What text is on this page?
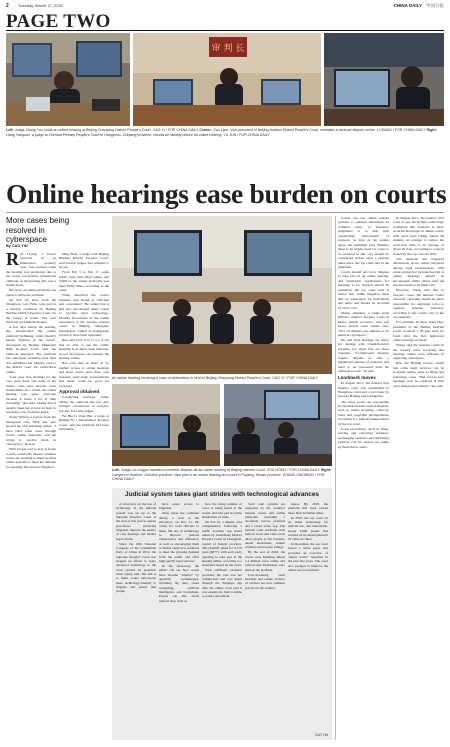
2 Tuesday, March 17, 2020	CHINA DAILY 中国日报
PAGE TWO
审 判 长
Left: Judge Zhang Yun holds an online hearing at Beijing Chaoyang District People's Court. CAO YI / FOR CHINA DAILY Center: Guo Lijun, vice-president of Beijing Haidian District People's Court, mediates a contract dispute online. LI XIANG / FOR CHINA DAILY Right: Liang Yanquan, a judge at Zhenhai Primary People's Court in Hangzhou, Zhejiang province, checks an identity before an online hearing. YU JUN / FOR CHINA DAILY
Online hearings ease burden on courts
More cases being resolved in cyberspace
By CAO YIN

Ren Liying, a lawyer involved in an intellectual property case, was worried when the hearing was postponed due to the novel coronavirus pneumonia outbreak, as the hearing date was a month away.

However, an online platform was quick to solve the problem.

On Feb 20, Ren, from the Zhongwen Law Firm, took part in a hearing organized by Beijing Haidian District People's Court via her laptop at home. The case involved a trademark dispute.

A few days before the hearing, she downloaded the online platform WeiSheng, which literally means "hearing in the cloud", developed by Beijing Municipal High People's Court after the outbreak emerged. The platform has undergone technical tests. Ren also submitted her identity card to the district court for verification online.

"Last year, five hearings for the case were held, and none of the earlier ones had already been rescheduled. As a result, the online hearing was quite welcome because it saves a lot of time travelling," she said, adding that it usually takes her at least an hour to reach the court from her home.

Wang Weiwei, a lawyer from the Zhengwen Law Firm, has also moved his case handling online. "I have filed some cases through courts' online platforms, and am trying to resolve them in cyberspace," he said.

With people told to stay at home to help contain the disease, Chinese courts are working to improve their online systems to meet the demand for hearings that involve litigation.

Ding Yuan, a judge with Beijing Haidian District People's Court, said several judges had adapted to its use.

From Feb 3 to Feb 17, some 6,812 cases were filed online, and 3,069 of the online platforms was used 6,869 times, according to the court.

Wang described the court's business case model as "efficient and convenient". He added that it had also encouraged many courts to become more technology-friendly. Procedures for the online experience at the nation's busiest courts in Beijing, Shanghai, Guangzhou, capital of Guangdong province, have been upgraded.

Ren said he'd love to try it out and be able to use the online hearings to do more work remotely, as not all lawyers can manage the hearing online.

Ren said that as there is no unified access to online hearings and most courts have their own systems, early-stage developments like these could be good for everyone.

Approval obtained

Conducting hearings online during the outbreak has not only brought convenience to lawyers, but also for some judges.

Fei Bin Li Zuze Bin, a judge at Beijing No 1 Intermediate People's Court, said the platform had been invaluable.

An online hearing involving a case of defamation is held at Beijing Chaoyang District People's Court. CAO YI / FOR CHINA DAILY
Left: Judge Liu Lingjun handles a contract dispute via an online hearing at Beijing Internet Court. ZOU HONG / FOR CHINA DAILY Right: Lawyers in Bozhou, Guizhou province, take part in an online hearing at a court in Puyang, Henan province. ZHANG XIAOBING / FOR CHINA DAILY
Judicial system takes giant strides with technological advances

A laboratory on the use of technology in the judicial system was set up at the Supreme People's Court at the start of this year to update procedures involving litigation, improve the quality of case hearings and further legal reform.

Since the 18th National Congress of the Communist Party of China in 2012, the Supreme People's Court has stepped up efforts to apply advanced technology to the court system, its president Zhou Qiang said. The aim is to make courts nationwide more technology-friendly to litigants and ensure that people

have easier access to litigation.

Zhou made the comment during a visit to the laboratory on Dec 31. He called for court officials to make full use of technology to improve judicial transparency and efficiency, as well as encouraging them to further study new solutions to meet the growing demand from the public and offer high-quality legal services.

In the laboratory, the public can see how courts have become "smarter" by applying technologies, including big data, cloud computing, artificial intelligence and blockchain. People can also check judicial data, such as

how the rising number of cases is being heard at the courts, and take part in online simulations of trials.

On Feb 16, a dispute over compensation following a traffic accident was heard online by Guancheng District People's Court in Dongguan, capital of Jiangxi province. The plaintiff asked for 6,170 yuan ($877), with each party agreeing to take part in the hearing online, according to a statement issued by the court.

With sufficient evidence provided, the case was not complicated and was heard through the Yunjiayu app after the online court said it was essential to hold it online to reduce movement.

Such court systems are supported by the country's internet courts and online platforms including a document service platform and a cloud video app. The internet court platforms with built-in voice and video tools allow people to file lawsuits, attend mediations, submit evidence and receive rulings.

By the end of 2018, the courts were handling almost 1.4 million cases online and video-based mediations were held on the platform.

Live-streaming court hearings and online reviews of verdicts are now common practice in the country.

issues. By 2018, the platform had been visited more than 32 billion times.

In 2018, the top court set up smart technology for judicial use, and nationwide, nearly 9,000 people had worked on its development in 50 cities in China.

In December, the top court issued a white paper that provided an overview of "smart courts" launched in the past five years. The court also pledged to improve the online service platform.

CAO YIN

Courts can use online remote systems to question defendants, in criminal cases, to announce judgments or to deal with outstanding enforcement of property, as long as the parties agree, the guideline said. Whether there is an urgent need for cases to be resolved in this way should be considered before such a hearing takes place, the top court said in the guideline.

Courts should not force litigants to take part in an online hearing, and legislation applications for hearings to be delayed should be permitted, the top court said. It added that online litigation must still be supervised by individuals and units, and should be recorded by each court.

Zhang Jingshen, a judge from Haichao District People's Court in Hefei, Anhui province, who has heard several cases online, said, "Not all disputes are suitable to be heard in cyberspace."

He said such hearings are better for dealing with straightforward lawsuits, not those that are more complex. "Complicated disputes require litigants to offer a significant amount of evidence and need to be processed until the outbreak is over," he said.

Landmark moves

In August 2017, the nation's first internet court was established in Hangzhou, followed a year later by those in Beijing and Guangzhou.

The three courts are responsible for hearing internet-related disputes, such as online shopping contracts, loans and copyright infringements, according to a judicial interpretation by the top court.

Legal procedures, such as filing, serving and collecting evidence, exchanging evidence and delivering verdicts, can be carried out online by these three courts.

In August 2017, the nation's first court to use blockchain technology confirmed that evidence is more accurate than paper in online courts, with such tools taking almost 60 minutes on average to reduce the court-trial time to an average of about 20 days, according to a report issued by the top court in 2019.

The outbreak has triggered discussions about online litigation among legal professionals, with some saying that include the trial of online hearings should be encouraged, while others said the process needs to be improved.

However, Wang said that in lawyers' cases, the internet courts currently operating should be more responsible for exploring ways to regulate internet behavior, according to the courts' role as the top authority.

For example, in June, Jiang Hao, president of the Beijing Internet Court, received a 20-year term for fraud after the first high-level online hearing was held.

Zhang said the internet courts in the country were accepting that hearings online were effective in regulating cyberspace.

Ren, the Beijing lawyer, added that some legal services can be accessed online, such as filing and following cases. "But face-to-face hearings can't be replaced if they carry important evidence," she said.
